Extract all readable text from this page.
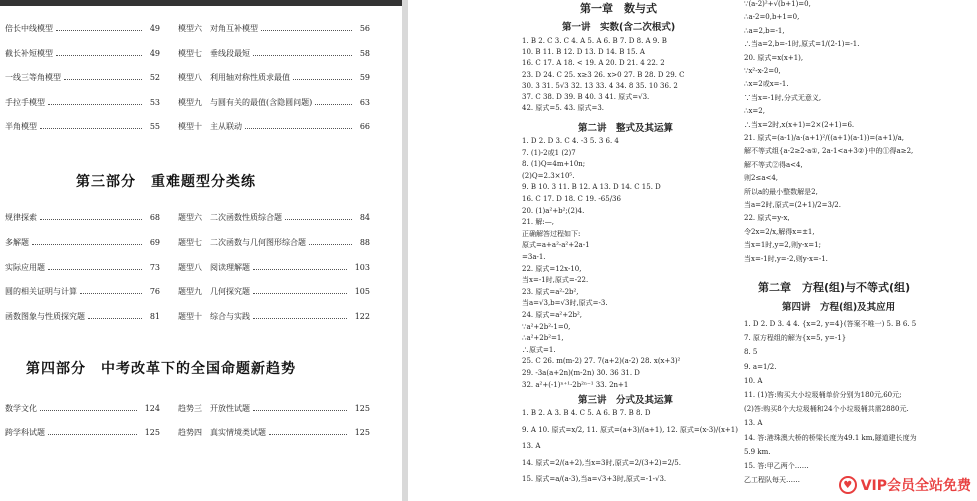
倍长中线模型	49
截长补短模型	49
一线三等角模型	52
手拉手模型	53
半角模型	55
模型六　对角互补模型	56
模型七　垂线段最短	58
模型八　利用轴对称性质求最值	59
模型九　与圆有关的最值(含隐圆问题)	63
模型十　主从联动	66
第三部分　重难题型分类练
规律探索	68
多解题	69
实际应用题	73
圆的相关证明与计算	76
函数图象与性质探究题	81
题型六　二次函数性质综合题	84
题型七　二次函数与几何图形综合题	88
题型八　阅读理解题	103
题型九　几何探究题	105
题型十　综合与实践	122
第四部分　中考改革下的全国命题新趋势
数学文化	124
跨学科试题	125
趋势三　开放性试题	125
趋势四　真实情境类试题	125
第一章　数与式
第一讲　实数(含二次根式)
1. B 2. C 3. C 4. A 5. A 6. B 7. D 8. A 9. B
10. B 11. B 12. D 13. D 14. B 15. A
16. C 17. A 18. < 19. A 20. D 21. 4 22. 2
23. D 24. C 25. x≥3 26. x>0 27. B 28. D 29. C
30. 3 31. 5√3 32. 13 33. 4 34. 8 35. 10 36. 2
37. C 38. D 39. B 40. 3 41. 原式=√3.
42. 原式=5. 43. 原式=3.
第二讲　整式及其运算
1. D 2. D 3. C 4. -3 5. 3 6. 4
7. (1)-2或1 (2)7
8. (1)Q=4m+10n;
(2)Q=2.3×10⁵.
9. B 10. 3 11. B 12. A 13. D 14. C 15. D
16. C 17. D 18. C 19. -65/36
20. (1)a²+b²;(2)4.
21. 解:—,
正确解答过程如下:
原式=a+a²-a²+2a-1
=3a-1.
22. 原式=12x-10,
当x=-1时,原式=-22.
23. 原式=a²-2b²,
当a=√3,b=√3时,原式=-3.
24. 原式=a²+2b²,
∵a²+2b²-1=0,
∴a²+2b²=1,
∴原式=1.
25. C 26. m(m-2) 27. 7(a+2)(a-2) 28. x(x+3)²
29. -3a(a+2n)(m-2n) 30. 36 31. D
32. a²+(-1)ⁿ⁺¹·2b²ⁿ⁻¹ 33. 2n+1
第三讲　分式及其运算
1. B 2. A 3. B 4. C 5. A 6. B 7. B 8. D
9. A 10. 原式=x/2, 11. 原式=(a+3)/(a+1), 12. 原式=(x-3)/(x+1)
13. A
14. 原式=2/(a+2),当x=3时,原式=2/(3+2)=2/5.
15. 原式=a/(a-3),当a=√3+3时,原式=-1-√3.
∵(a-2)²+√(b+1)=0,
∴a-2=0,b+1=0,
∴a=2,b=-1,
∴当a=2,b=-1时,原式=1/(2-1)=-1.
20. 原式=x(x+1),
∵x²-x-2=0,
∴x=2或x=-1.
∵当x=-1时,分式无意义,
∴x=2,
∴当x=2时,x(x+1)=2×(2+1)=6.
21. 原式=(a-1)/a·(a+1)²/((a+1)(a-1))=(a+1)/a,
解不等式组{a-2≥2-a①, 2a-1<a+3②}中的①得a≥2,
解不等式②得a<4,
则2≤a<4,
所以a的最小整数解是2,
当a=2时,原式=(2+1)/2=3/2.
22. 原式=y-x,
令2x=2/x,解得x=±1,
当x=1时,y=2,则y-x=1;
当x=-1时,y=-2,则y-x=-1.
第二章　方程(组)与不等式(组)
第四讲　方程(组)及其应用
1. D 2. D 3. 4 4. {x=2, y=4}(答案不唯一) 5. B 6. 5
7. 原方程组的解为{x=5, y=-1}
8. 5
9. a=1/2.
10. A
11. (1)答:购买大小垃圾桶单价分别为180元,60元;
(2)答:购买8个大垃圾桶和24个小垃圾桶共需2880元.
13. A
14. 答:港珠澳大桥的桥梁长度为49.1 km,隧道建长度为
5.9 km.
15. 答:甲乙两个……
乙工程队每天……	♥ VIP会员全站免费
